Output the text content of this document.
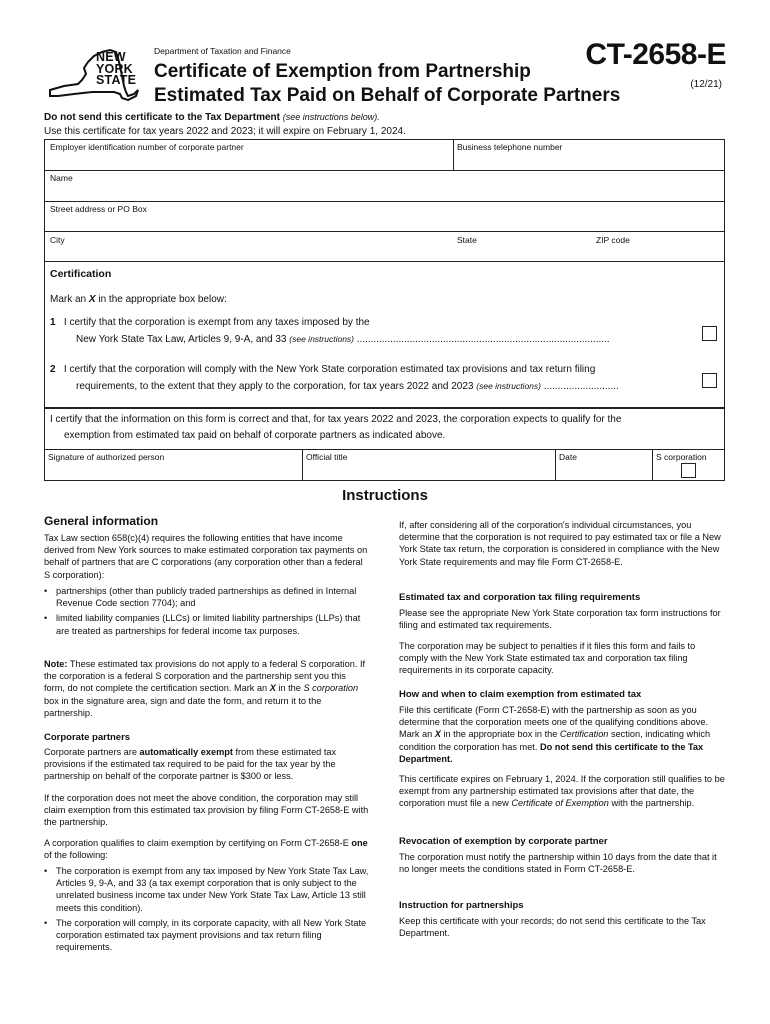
NEW
YORK
STATE
Department of Taxation and Finance
Certificate of Exemption from Partnership
Estimated Tax Paid on Behalf of Corporate Partners
CT-2658-E
(12/21)
Do not send this certificate to the Tax Department (see instructions below).
Use this certificate for tax years 2022 and 2023; it will expire on February 1, 2024.
Employer identification number of corporate partner	Business telephone number
Name
Street address or PO Box
City	State	ZIP code
Certification
Mark an X in the appropriate box below:
1 I certify that the corporation is exempt from any taxes imposed by the
New York State Tax Law, Articles 9, 9-A, and 33 (see instructions) ...........................................................................................
2 I certify that the corporation will comply with the New York State corporation estimated tax provisions and tax return filing
requirements, to the extent that they apply to the corporation, for tax years 2022 and 2023 (see instructions) ...........................
I certify that the information on this form is correct and that, for tax years 2022 and 2023, the corporation expects to qualify for the
exemption from estimated tax paid on behalf of corporate partners as indicated above.
Signature of authorized person	Official title	Date	S corporation
Instructions
General information
Tax Law section 658(c)(4) requires the following entities that have income derived from New York sources to make estimated corporation tax payments on behalf of partners that are C corporations (any corporation other than a federal S corporation):
• partnerships (other than publicly traded partnerships as defined in Internal Revenue Code section 7704); and
• limited liability companies (LLCs) or limited liability partnerships (LLPs) that are treated as partnerships for federal income tax purposes.
Note: These estimated tax provisions do not apply to a federal S corporation. If the corporation is a federal S corporation and the partnership sent you this form, do not complete the certification section. Mark an X in the S corporation box in the signature area, sign and date the form, and return it to the partnership.
Corporate partners
Corporate partners are automatically exempt from these estimated tax provisions if the estimated tax required to be paid for the tax year by the partnership on behalf of the corporate partner is $300 or less.
If the corporation does not meet the above condition, the corporation may still claim exemption from this estimated tax provision by filing Form CT-2658-E with the partnership.
A corporation qualifies to claim exemption by certifying on Form CT-2658-E one of the following:
• The corporation is exempt from any tax imposed by New York State Tax Law, Articles 9, 9-A, and 33 (a tax exempt corporation that is only subject to the unrelated business income tax under New York State Tax Law, Article 13 still meets this condition).
• The corporation will comply, in its corporate capacity, with all New York State corporation estimated tax payment provisions and tax return filing requirements.
If, after considering all of the corporation's individual circumstances, you determine that the corporation is not required to pay estimated tax or file a New York State tax return, the corporation is considered in compliance with the New York State requirements and may file Form CT-2658-E.
Estimated tax and corporation tax filing requirements
Please see the appropriate New York State corporation tax form instructions for filing and estimated tax requirements.
The corporation may be subject to penalties if it files this form and fails to comply with the New York State estimated tax and corporation tax filing requirements in its corporate capacity.
How and when to claim exemption from estimated tax
File this certificate (Form CT-2658-E) with the partnership as soon as you determine that the corporation meets one of the qualifying conditions above. Mark an X in the appropriate box in the Certification section, indicating which condition the corporation has met. Do not send this certificate to the Tax Department.
This certificate expires on February 1, 2024. If the corporation still qualifies to be exempt from any partnership estimated tax provisions after that date, the corporation must file a new Certificate of Exemption with the partnership.
Revocation of exemption by corporate partner
The corporation must notify the partnership within 10 days from the date that it no longer meets the conditions stated in Form CT-2658-E.
Instruction for partnerships
Keep this certificate with your records; do not send this certificate to the Tax Department.
